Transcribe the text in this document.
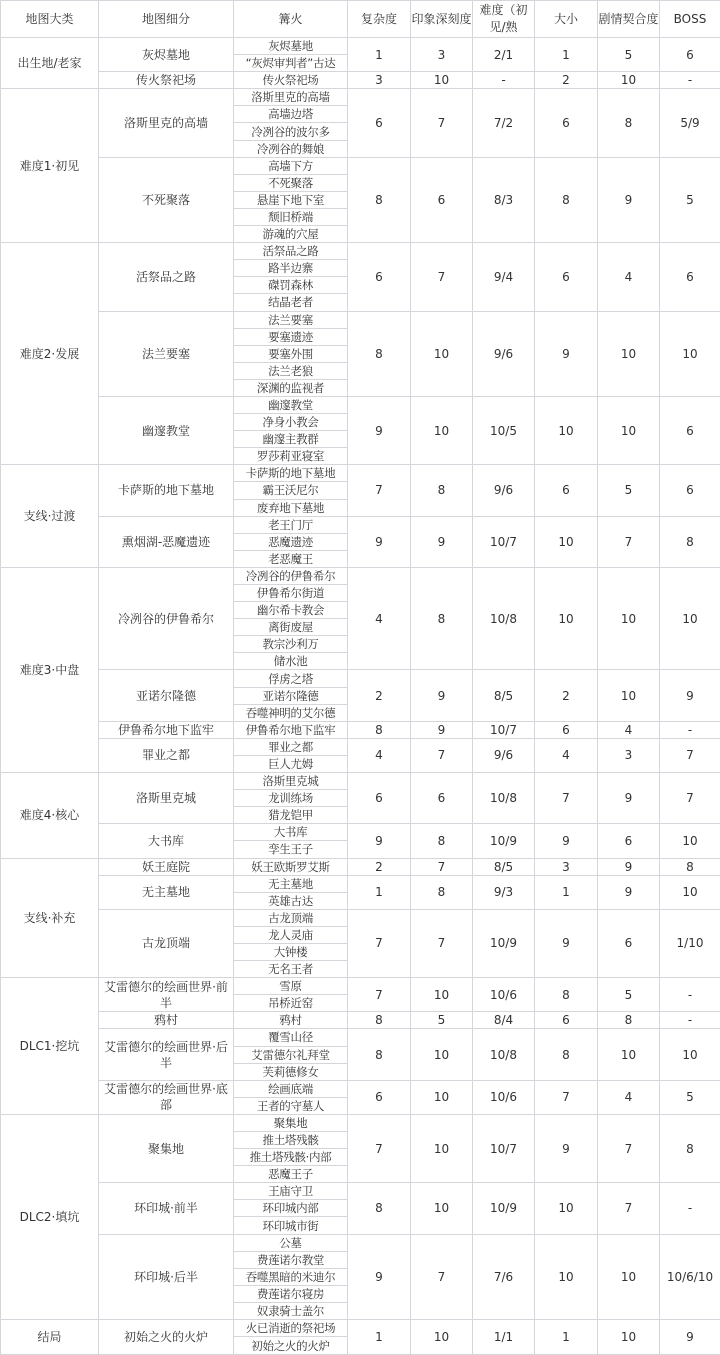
地图大类	地图细分	篝火	复杂度	印象深刻度	难度（初见/熟	大小	剧情契合度	BOSS
出生地/老家	灰烬墓地	灰烬墓地	1	3	2/1	1	5	6
		“灰烬审判者”古达						
	传火祭祀场	传火祭祀场	3	10	-	2	10	-
难度1·初见	洛斯里克的高墙	洛斯里克的高墙	6	7	7/2	6	8	5/9
		高墙边塔						
		冷冽谷的波尔多						
		冷冽谷的舞娘						
	不死聚落	高墙下方	8	6	8/3	8	9	5
		不死聚落						
		悬崖下地下室						
		颓旧桥端						
		游魂的穴屋						
难度2·发展	活祭品之路	活祭品之路	6	7	9/4	6	4	6
		路半边寨						
		磔罚森林						
		结晶老者						
	法兰要塞	法兰要塞	8	10	9/6	9	10	10
		要塞遗迹						
		要塞外围						
		法兰老狼						
		深渊的监视者						
	幽邃教堂	幽邃教堂	9	10	10/5	10	10	6
		净身小教会						
		幽邃主教群						
		罗莎莉亚寝室						
支线·过渡	卡萨斯的地下墓地	卡萨斯的地下墓地	7	8	9/6	6	5	6
		霸王沃尼尔						
		废弃地下墓地						
	熏烟湖-恶魔遗迹	老王门厅	9	9	10/7	10	7	8
		恶魔遗迹						
		老恶魔王						
难度3·中盘	冷冽谷的伊鲁希尔	冷冽谷的伊鲁希尔	4	8	10/8	10	10	10
		伊鲁希尔街道						
		幽尔希卡教会						
		离街废屋						
		教宗沙利万						
		储水池						
	亚诺尔隆德	俘虏之塔	2	9	8/5	2	10	9
		亚诺尔隆德						
		吞噬神明的艾尔德						
	伊鲁希尔地下监牢	伊鲁希尔地下监牢	8	9	10/7	6	4	-
	罪业之都	罪业之都	4	7	9/6	4	3	7
		巨人尤姆						
难度4·核心	洛斯里克城	洛斯里克城	6	6	10/8	7	9	7
		龙训练场						
		猎龙铠甲						
	大书库	大书库	9	8	10/9	9	6	10
		孪生王子						
支线·补充	妖王庭院	妖王欧斯罗艾斯	2	7	8/5	3	9	8
	无主墓地	无主墓地	1	8	9/3	1	9	10
		英雄古达						
	古龙顶端	古龙顶端	7	7	10/9	9	6	1/10
		龙人灵庙						
		大钟楼						
		无名王者						
DLC1·挖坑	艾雷德尔的绘画世界·前半	雪原	7	10	10/6	8	5	-
		吊桥近窑						
	鸦村	鸦村	8	5	8/4	6	8	-
	艾雷德尔的绘画世界·后半	覆雪山径	8	10	10/8	8	10	10
		艾雷德尔礼拜堂						
		芙莉德修女						
	艾雷德尔的绘画世界·底部	绘画底端	6	10	10/6	7	4	5
		王者的守墓人						
DLC2·填坑	聚集地	聚集地	7	10	10/7	9	7	8
		推土塔残骸						
		推土塔残骸·内部						
		恶魔王子						
	环印城·前半	王庙守卫	8	10	10/9	10	7	-
		环印城内部						
		环印城市街						
	环印城·后半	公墓	9	7	7/6	10	10	10/6/10
		费莲诺尔教堂						
		吞噬黑暗的米迪尔						
		费莲诺尔寝房						
		奴隶骑士盖尔						
结局	初始之火的火炉	火已消逝的祭祀场	1	10	1/1	1	10	9
		初始之火的火炉						
